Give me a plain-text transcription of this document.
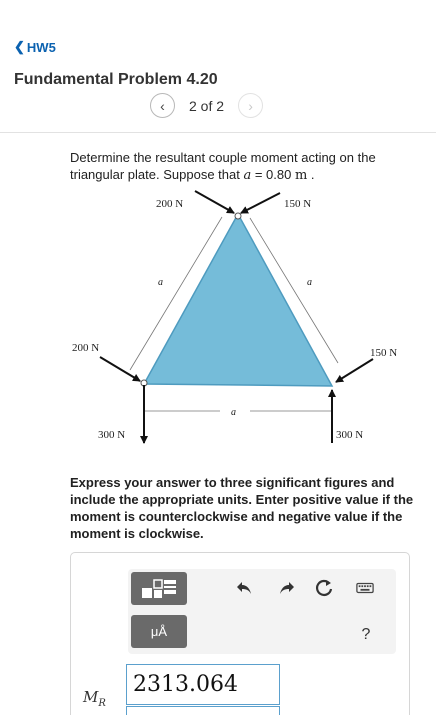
❮ HW5
Fundamental Problem 4.20
‹ 2 of 2 ›
Determine the resultant couple moment acting on the triangular plate. Suppose that a = 0.80 m .
200 N	150 N
200 N	150 N
300 N	300 N
a	a
a
Express your answer to three significant figures and include the appropriate units. Enter positive value if the moment is counterclockwise and negative value if the moment is clockwise.
μÅ	?
$M_R$
2313.064
